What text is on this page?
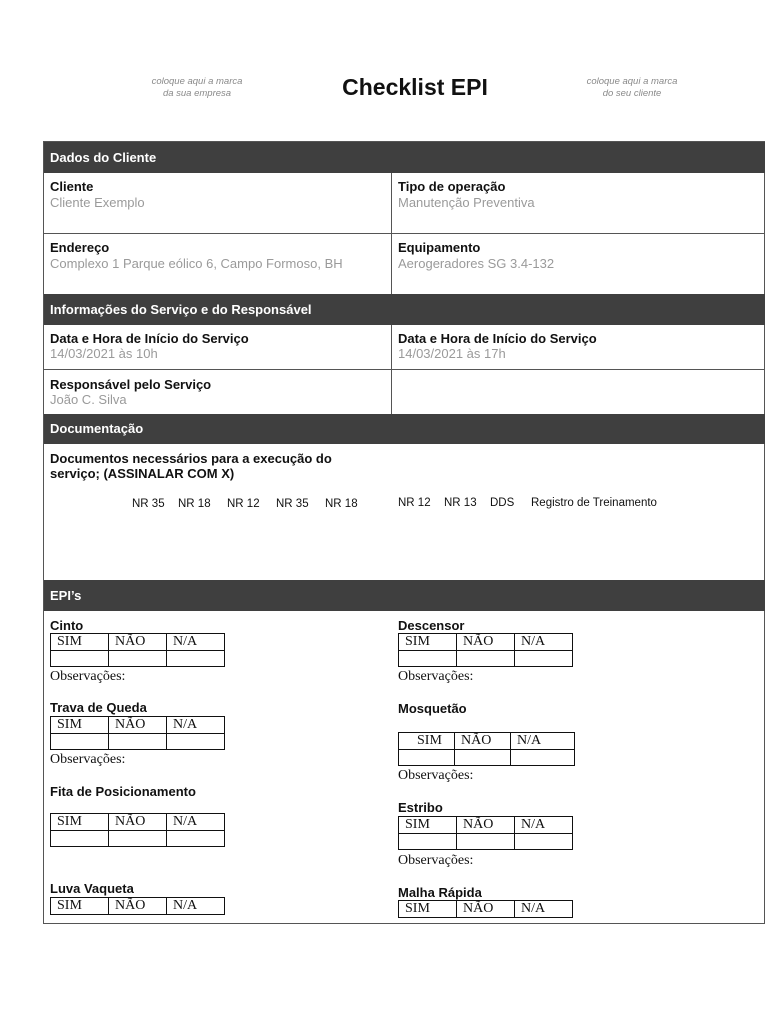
coloque aqui a marca
da sua empresa	Checklist EPI	coloque aqui a marca
do seu cliente
Dados do Cliente
Cliente
Cliente Exemplo
Tipo de operação
Manutenção Preventiva
Endereço
Complexo 1 Parque eólico 6, Campo Formoso, BH
Equipamento
Aerogeradores SG 3.4-132
Informações do Serviço e do Responsável
Data e Hora de Início do Serviço
14/03/2021 às 10h
Data e Hora de Início do Serviço
14/03/2021 às 17h
Responsável pelo Serviço
João C. Silva
Documentação
Documentos necessários para a execução do
serviço; (ASSINALAR COM X)
NR 35 NR 18 NR 12 NR 35 NR 18	NR 12 NR 13 DDS Registro de Treinamento
EPI’s
Cinto
SIM	NÃO	N/A

Observações:
Trava de Queda
SIM	NÃO	N/A

Observações:
Fita de Posicionamento
SIM	NÃO	N/A

Luva Vaqueta
SIM	NÃO	N/A
Descensor
SIM	NÃO	N/A

Observações:
Mosquetão
SIM	NÃO	N/A

Observações:
Estribo
SIM	NÃO	N/A

Observações:
Malha Rápida
SIM	NÃO	N/A
